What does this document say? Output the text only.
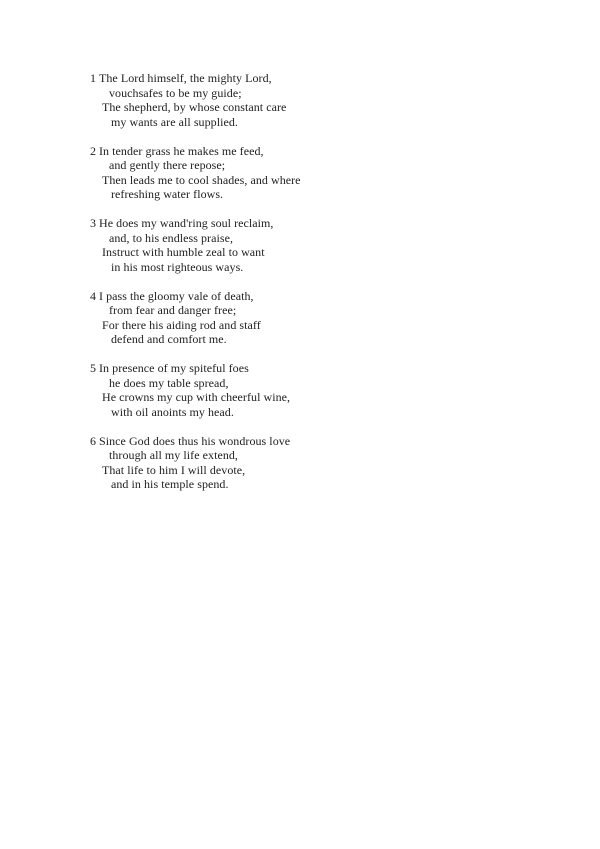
1 The Lord himself, the mighty Lord,
vouchsafes to be my guide;
The shepherd, by whose constant care
my wants are all supplied.
2 In tender grass he makes me feed,
and gently there repose;
Then leads me to cool shades, and where
refreshing water flows.
3 He does my wand'ring soul reclaim,
and, to his endless praise,
Instruct with humble zeal to want
in his most righteous ways.
4 I pass the gloomy vale of death,
from fear and danger free;
For there his aiding rod and staff
defend and comfort me.
5 In presence of my spiteful foes
he does my table spread,
He crowns my cup with cheerful wine,
with oil anoints my head.
6 Since God does thus his wondrous love
through all my life extend,
That life to him I will devote,
and in his temple spend.
